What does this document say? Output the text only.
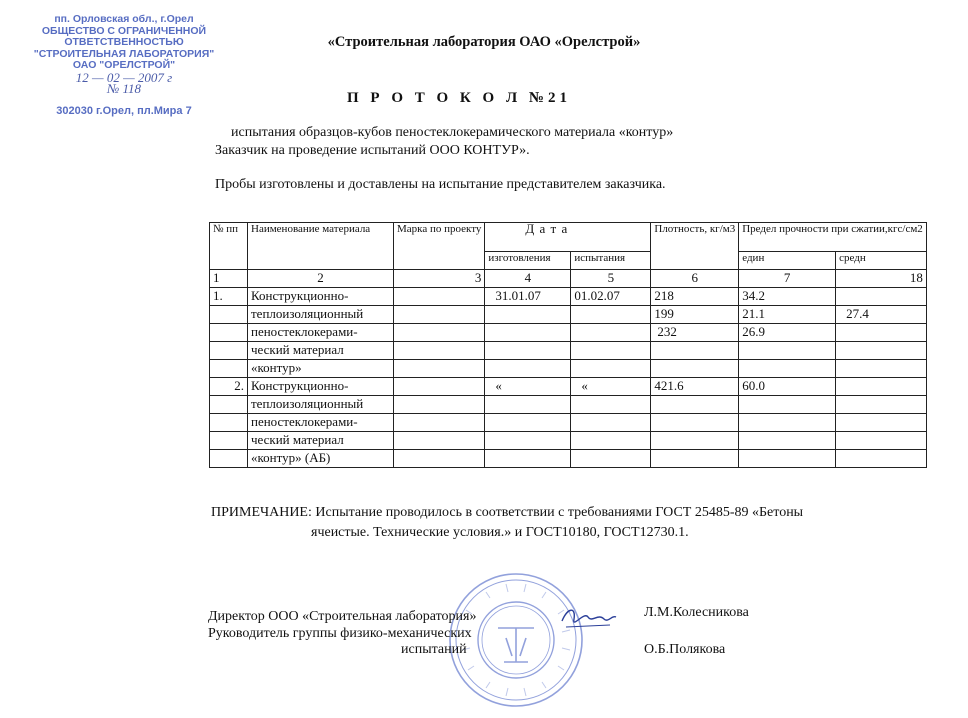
пп. Орловская обл., г.Орел
ОБЩЕСТВО С ОГРАНИЧЕННОЙ
ОТВЕТСТВЕННОСТЬЮ
"СТРОИТЕЛЬНАЯ ЛАБОРАТОРИЯ"
ОАО "ОРЕЛСТРОЙ"
12 — 02 — 2007 г
№ 118
302030 г.Орел, пл.Мира 7
«Строительная лаборатория ОАО «Орелстрой»
П Р О Т О К О Л №21
испытания образцов-кубов пеностеклокерамического материала «контур»
Заказчик на проведение испытаний ООО КОНТУР».
Пробы изготовлены и доставлены на испытание представителем заказчика.
№ пп	Наименование материала	Марка по проекту	Д а т а		Плотность, кг/м3	Предел прочности при сжатии,кгс/см2	
			изготовления	испытания		един	средн
1	2	3	4	5	6	7	18
1.	Конструкционно-		31.01.07	01.02.07	218	34.2	
	теплоизоляционный				199	21.1	27.4
	пеностеклокерами-				232	26.9	
	ческий материал						
	«контур»						
2.	Конструкционно-		«	«	421.6	60.0	
	теплоизоляционный						
	пеностеклокерами-						
	ческий материал						
	«контур» (АБ)						
ПРИМЕЧАНИЕ: Испытание проводилось в соответствии с требованиями ГОСТ 25485-89 «Бетоны
ячеистые. Технические условия.» и ГОСТ10180, ГОСТ12730.1.
Директор ООО «Строительная лаборатория»	Л.М.Колесникова
Руководитель группы физико-механических
испытаний	О.Б.Полякова
